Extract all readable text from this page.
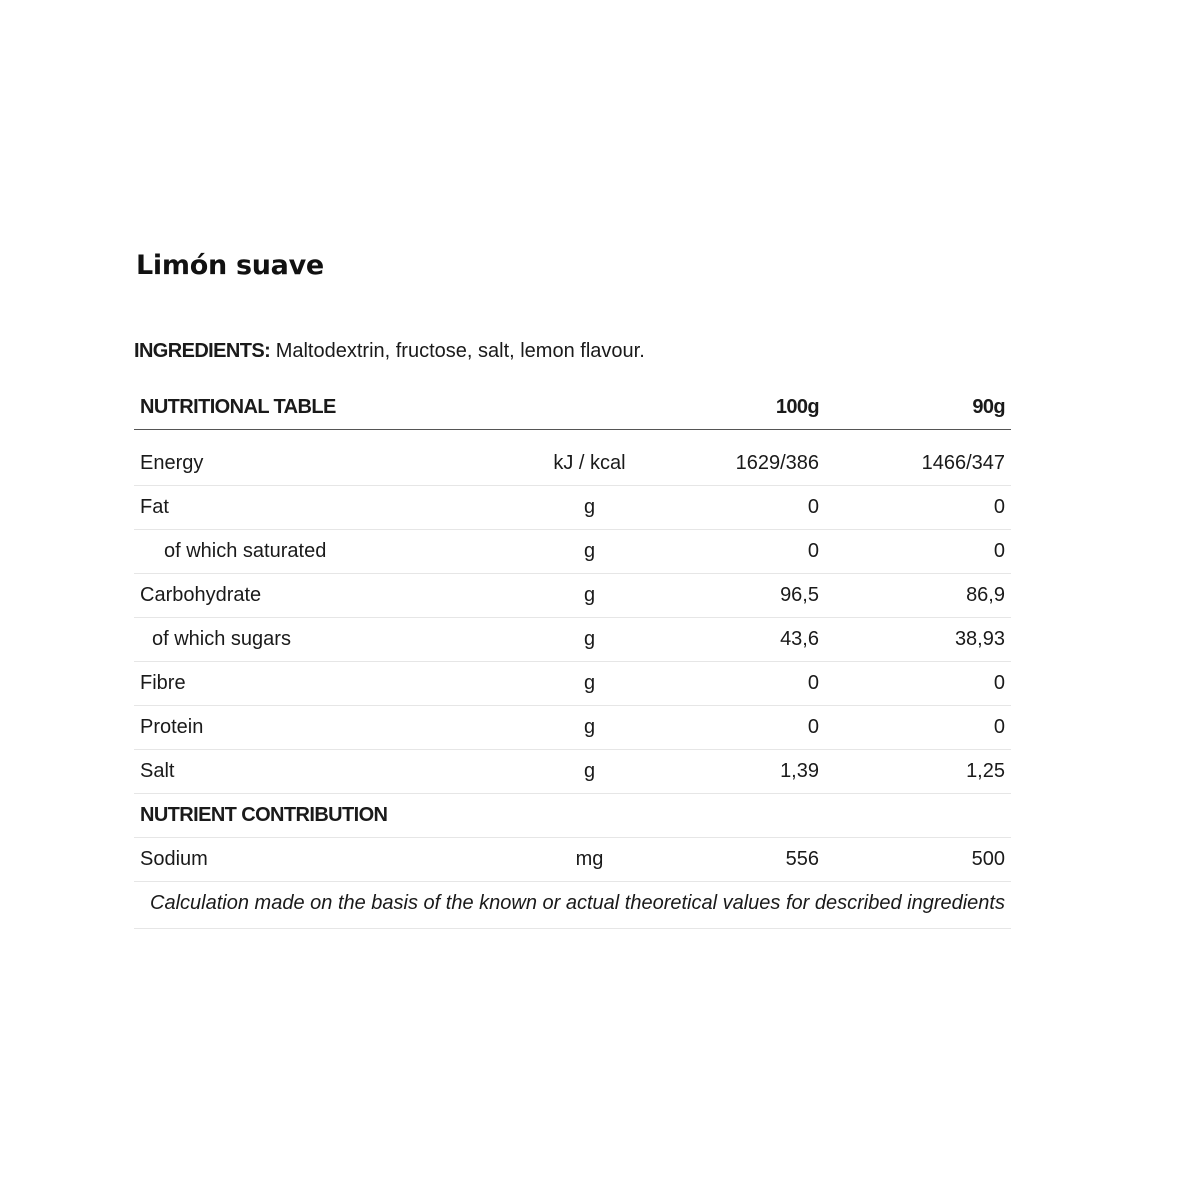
Limón suave

INGREDIENTS: Maltodextrin, fructose, salt, lemon flavour.

NUTRITIONAL TABLE		100g	90g

Energy	kJ / kcal	1629/386	1466/347
Fat	g	0	0
of which saturated	g	0	0
Carbohydrate	g	96,5	86,9
of which sugars	g	43,6	38,93
Fibre	g	0	0
Protein	g	0	0
Salt	g	1,39	1,25
NUTRIENT CONTRIBUTION			
Sodium	mg	556	500
Calculation made on the basis of the known or actual theoretical values for described ingredients			
